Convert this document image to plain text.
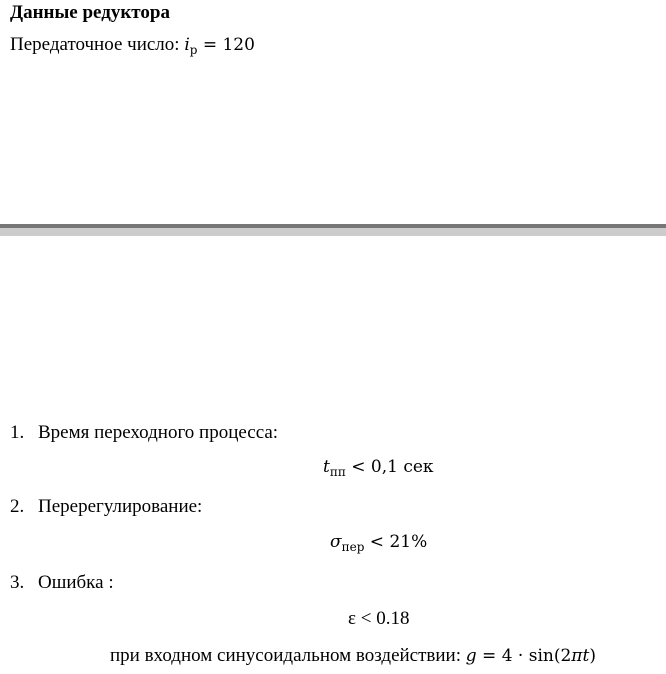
Данные редуктора
Передаточное число: $i_р = 120$
1. Время переходного процесса:
$t_{пп} < 0,1$ сек
2. Перерегулирование:
$\sigma_{пер} < 21\%$
3. Ошибка :
ε < 0.18
при входном синусоидальном воздействии: g = 4 · sin(2πt)
